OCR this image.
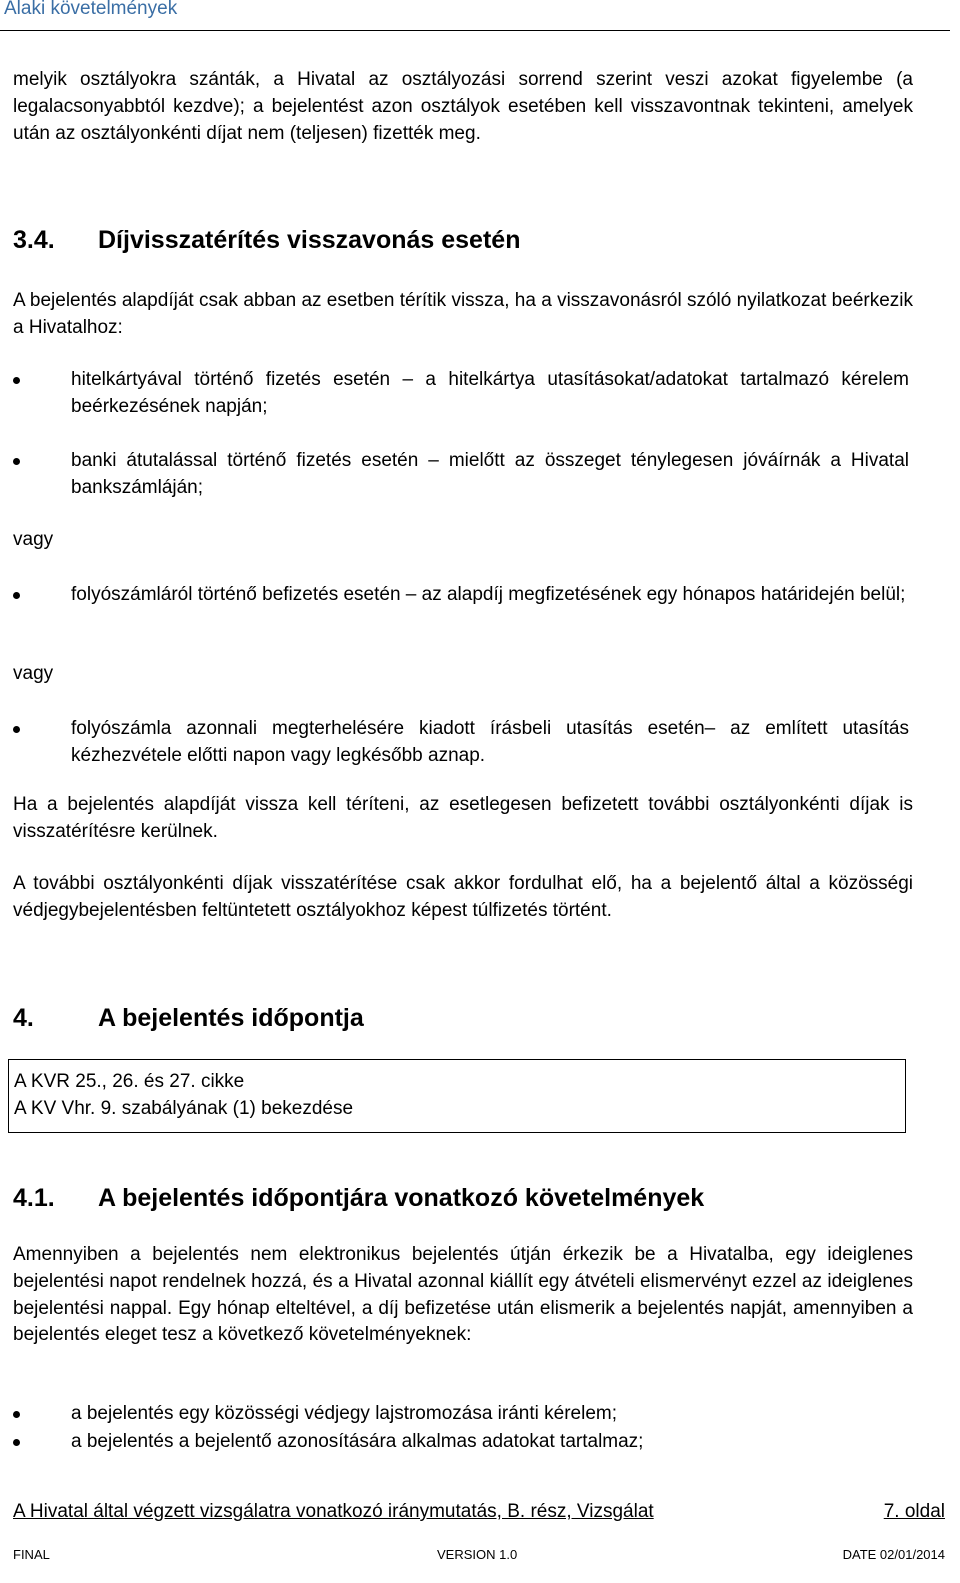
Alaki követelmények
melyik osztályokra szánták, a Hivatal az osztályozási sorrend szerint veszi azokat figyelembe (a legalacsonyabbtól kezdve); a bejelentést azon osztályok esetében kell visszavontnak tekinteni, amelyek után az osztályonkénti díjat nem (teljesen) fizették meg.
3.4. Díjvisszatérítés visszavonás esetén
A bejelentés alapdíját csak abban az esetben térítik vissza, ha a visszavonásról szóló nyilatkozat beérkezik a Hivatalhoz:
hitelkártyával történő fizetés esetén – a hitelkártya utasításokat/adatokat tartalmazó kérelem beérkezésének napján;
banki átutalással történő fizetés esetén – mielőtt az összeget ténylegesen jóváírnák a Hivatal bankszámláján;
vagy
folyószámláról történő befizetés esetén – az alapdíj megfizetésének egy hónapos határidején belül;
vagy
folyószámla azonnali megterhelésére kiadott írásbeli utasítás esetén– az említett utasítás kézhezvétele előtti napon vagy legkésőbb aznap.
Ha a bejelentés alapdíját vissza kell téríteni, az esetlegesen befizetett további osztályonkénti díjak is visszatérítésre kerülnek.
A további osztályonkénti díjak visszatérítése csak akkor fordulhat elő, ha a bejelentő által a közösségi védjegybejelentésben feltüntetett osztályokhoz képest túlfizetés történt.
4.	A bejelentés időpontja
A KVR 25., 26. és 27. cikke
A KV Vhr. 9. szabályának (1) bekezdése
4.1. A bejelentés időpontjára vonatkozó követelmények
Amennyiben a bejelentés nem elektronikus bejelentés útján érkezik be a Hivatalba, egy ideiglenes bejelentési napot rendelnek hozzá, és a Hivatal azonnal kiállít egy átvételi elismervényt ezzel az ideiglenes bejelentési nappal. Egy hónap elteltével, a díj befizetése után elismerik a bejelentés napját, amennyiben a bejelentés eleget tesz a következő követelményeknek:
a bejelentés egy közösségi védjegy lajstromozása iránti kérelem;
a bejelentés a bejelentő azonosítására alkalmas adatokat tartalmaz;
A Hivatal által végzett vizsgálatra vonatkozó iránymutatás, B. rész, Vizsgálat	7. oldal
FINAL	VERSION 1.0	DATE 02/01/2014
